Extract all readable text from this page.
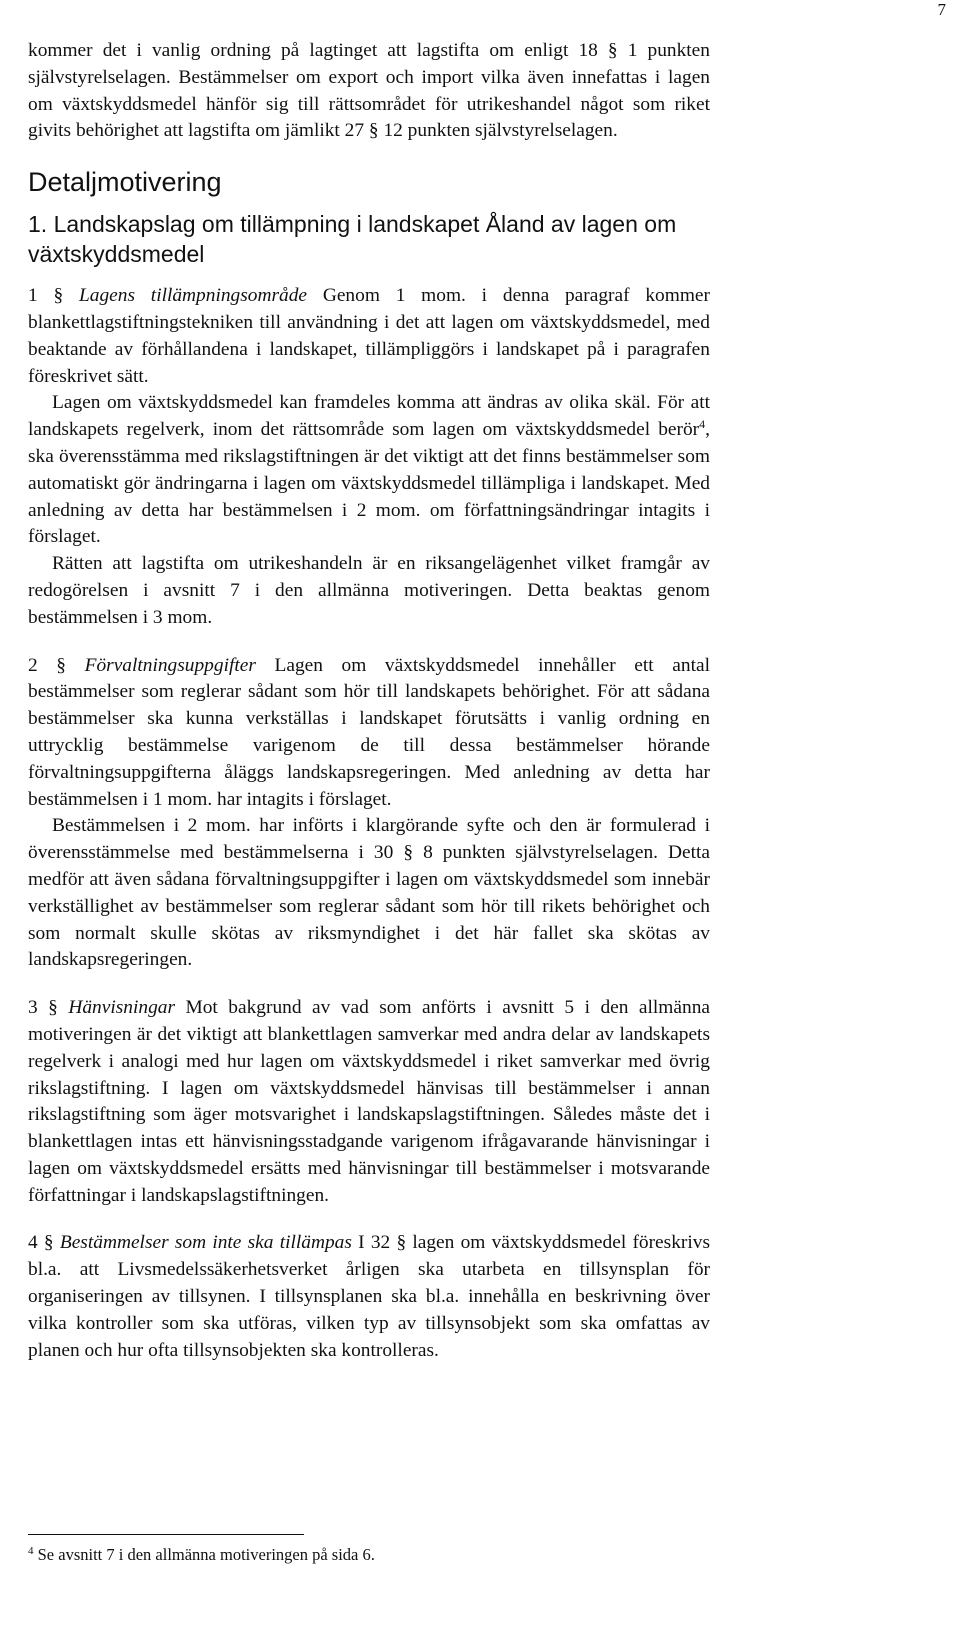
7

kommer det i vanlig ordning på lagtinget att lagstifta om enligt 18 § 1 punkten självstyrelselagen. Bestämmelser om export och import vilka även innefattas i lagen om växtskyddsmedel hänför sig till rättsområdet för utrikeshandel något som riket givits behörighet att lagstifta om jämlikt 27 § 12 punkten självstyrelselagen.

Detaljmotivering
1. Landskapslag om tillämpning i landskapet Åland av lagen om växtskyddsmedel

1 § Lagens tillämpningsområde Genom 1 mom. i denna paragraf kommer blankettlagstiftningstekniken till användning i det att lagen om växtskyddsmedel, med beaktande av förhållandena i landskapet, tillämpliggörs i landskapet på i paragrafen föreskrivet sätt.

Lagen om växtskyddsmedel kan framdeles komma att ändras av olika skäl. För att landskapets regelverk, inom det rättsområde som lagen om växtskyddsmedel berör$^4$, ska överensstämma med rikslagstiftningen är det viktigt att det finns bestämmelser som automatiskt gör ändringarna i lagen om växtskyddsmedel tillämpliga i landskapet. Med anledning av detta har bestämmelsen i 2 mom. om författningsändringar intagits i förslaget.

Rätten att lagstifta om utrikeshandeln är en riksangelägenhet vilket framgår av redogörelsen i avsnitt 7 i den allmänna motiveringen. Detta beaktas genom bestämmelsen i 3 mom.

2 § Förvaltningsuppgifter Lagen om växtskyddsmedel innehåller ett antal bestämmelser som reglerar sådant som hör till landskapets behörighet. För att sådana bestämmelser ska kunna verkställas i landskapet förutsätts i vanlig ordning en uttrycklig bestämmelse varigenom de till dessa bestämmelser hörande förvaltningsuppgifterna åläggs landskapsregeringen. Med anledning av detta har bestämmelsen i 1 mom. har intagits i förslaget.

Bestämmelsen i 2 mom. har införts i klargörande syfte och den är formulerad i överensstämmelse med bestämmelserna i 30 § 8 punkten självstyrelselagen. Detta medför att även sådana förvaltningsuppgifter i lagen om växtskyddsmedel som innebär verkställighet av bestämmelser som reglerar sådant som hör till rikets behörighet och som normalt skulle skötas av riksmyndighet i det här fallet ska skötas av landskapsregeringen.

3 § Hänvisningar Mot bakgrund av vad som anförts i avsnitt 5 i den allmänna motiveringen är det viktigt att blankettlagen samverkar med andra delar av landskapets regelverk i analogi med hur lagen om växtskyddsmedel i riket samverkar med övrig rikslagstiftning. I lagen om växtskyddsmedel hänvisas till bestämmelser i annan rikslagstiftning som äger motsvarighet i landskapslagstiftningen. Således måste det i blankettlagen intas ett hänvisningsstadgande varigenom ifrågavarande hänvisningar i lagen om växtskyddsmedel ersätts med hänvisningar till bestämmelser i motsvarande författningar i landskapslagstiftningen.

4 § Bestämmelser som inte ska tillämpas I 32 § lagen om växtskyddsmedel föreskrivs bl.a. att Livsmedelssäkerhetsverket årligen ska utarbeta en tillsynsplan för organiseringen av tillsynen. I tillsynsplanen ska bl.a. innehålla en beskrivning över vilka kontroller som ska utföras, vilken typ av tillsynsobjekt som ska omfattas av planen och hur ofta tillsynsobjekten ska kontrolleras.

$^4$ Se avsnitt 7 i den allmänna motiveringen på sida 6.
